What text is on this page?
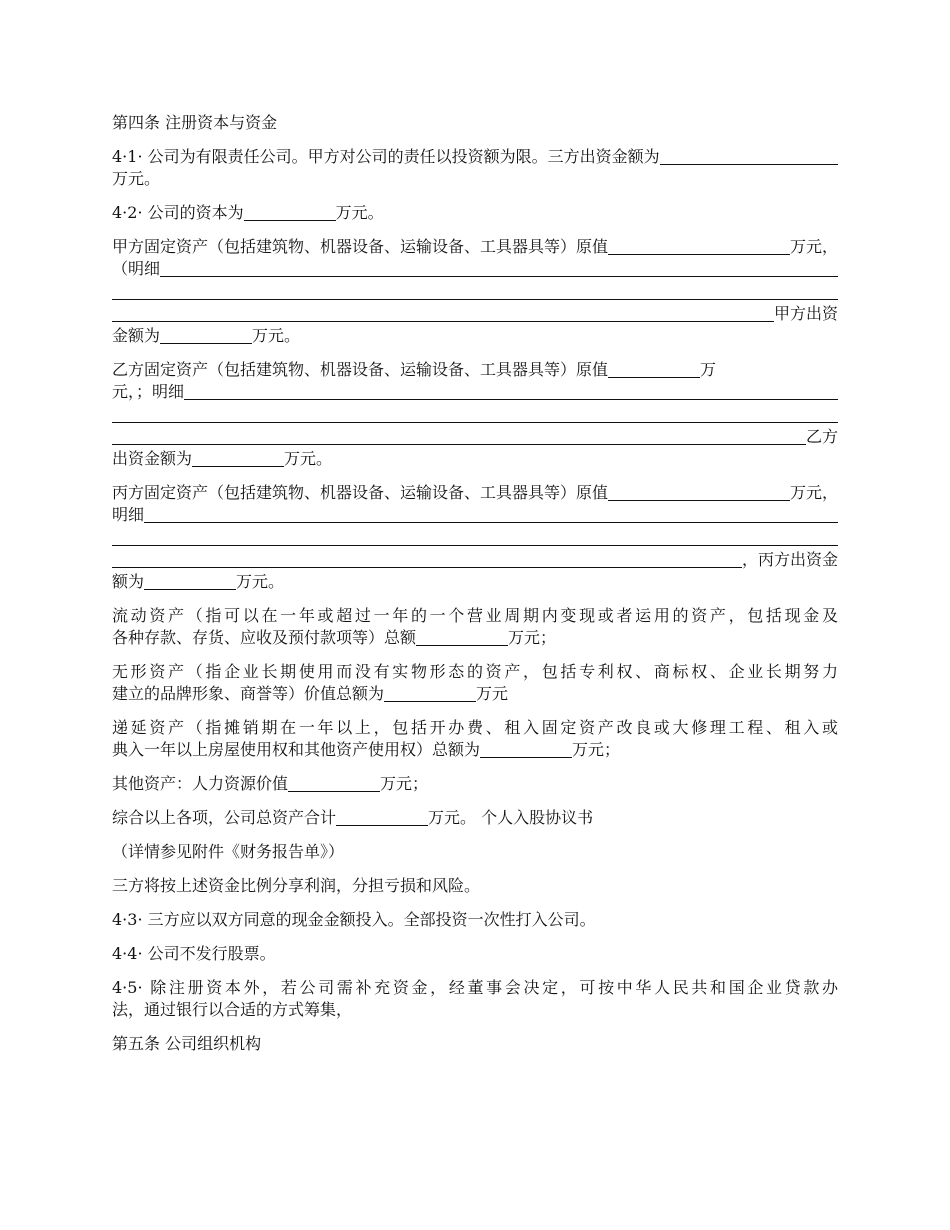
第四条 注册资本与资金
4·1· 公司为有限责任公司。甲方对公司的责任以投资额为限。三方出资金额为
万元。
4·2· 公司的资本为	万元。
甲方固定资产（包括建筑物、机器设备、运输设备、工具器具等）原值	万元，
（明细
甲方出资
金额为	万元。
乙方固定资产（包括建筑物、机器设备、运输设备、工具器具等）原值	万
元，；明细
乙方
出资金额为	万元。
丙方固定资产（包括建筑物、机器设备、运输设备、工具器具等）原值	万元，
明细
，丙方出资金
额为	万元。
流动资产（指可以在一年或超过一年的一个营业周期内变现或者运用的资产，包括现金及
各种存款、存货、应收及预付款项等）总额	万元；
无形资产（指企业长期使用而没有实物形态的资产，包括专利权、商标权、企业长期努力
建立的品牌形象、商誉等）价值总额为	万元
递延资产（指摊销期在一年以上，包括开办费、租入固定资产改良或大修理工程、租入或
典入一年以上房屋使用权和其他资产使用权）总额为	万元；
其他资产：人力资源价值	万元；
综合以上各项，公司总资产合计	万元。 个人入股协议书
（详情参见附件《财务报告单》）
三方将按上述资金比例分享利润，分担亏损和风险。
4·3· 三方应以双方同意的现金金额投入。全部投资一次性打入公司。
4·4· 公司不发行股票。
4·5· 除注册资本外，若公司需补充资金，经董事会决定，可按中华人民共和国企业贷款办
法，通过银行以合适的方式筹集，
第五条 公司组织机构
